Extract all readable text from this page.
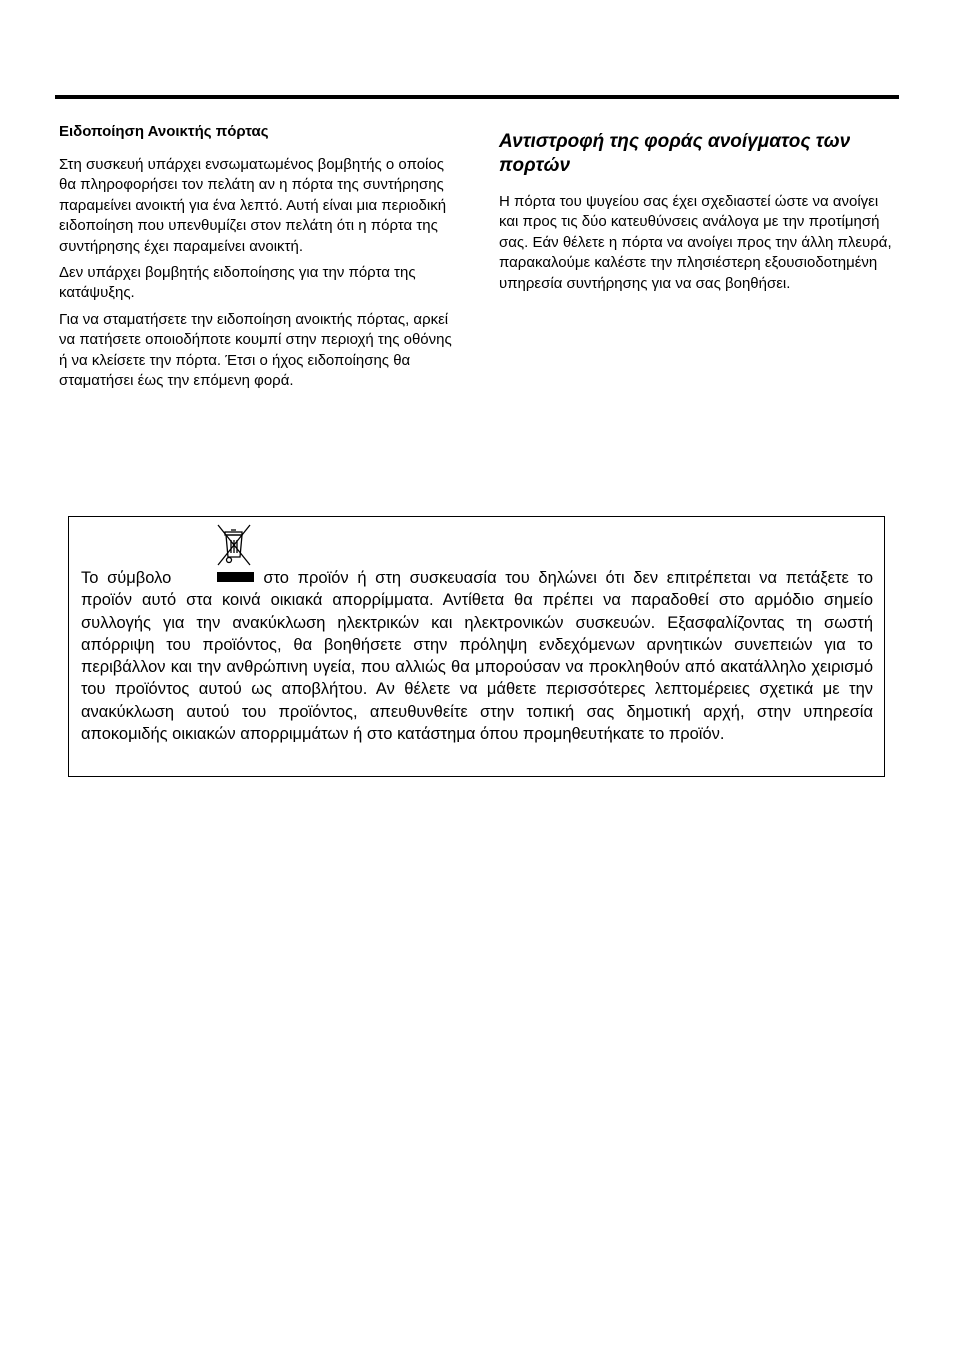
Ειδοποίηση Ανοικτής πόρτας

Στη συσκευή υπάρχει ενσωματωμένος βομβητής ο οποίος θα πληροφορήσει τον πελάτη αν η πόρτα της συντήρησης παραμείνει ανοικτή για ένα λεπτό. Αυτή είναι μια περιοδική ειδοποίηση που υπενθυμίζει στον πελάτη ότι η πόρτα της συντήρησης έχει παραμείνει ανοικτή.

Δεν υπάρχει βομβητής ειδοποίησης για την πόρτα της κατάψυξης.

Για να σταματήσετε την ειδοποίηση ανοικτής πόρτας, αρκεί να πατήσετε οποιοδήποτε κουμπί στην περιοχή της οθόνης ή να κλείσετε την πόρτα. Έτσι ο ήχος ειδοποίησης θα σταματήσει έως την επόμενη φορά.

Αντιστροφή της φοράς ανοίγματος των πορτών

Η πόρτα του ψυγείου σας έχει σχεδιαστεί ώστε να ανοίγει και προς τις δύο κατευθύνσεις ανάλογα με την προτίμησή σας. Εάν θέλετε η πόρτα να ανοίγει προς την άλλη πλευρά, παρακαλούμε καλέστε την πλησιέστερη εξουσιοδοτημένη υπηρεσία συντήρησης για να σας βοηθήσει.

Το σύμβολο	στο προϊόν ή στη συσκευασία του δηλώνει ότι δεν επιτρέπεται να πετάξετε το προϊόν αυτό στα κοινά οικιακά απορρίμματα. Αντίθετα θα πρέπει να παραδοθεί στο αρμόδιο σημείο συλλογής για την ανακύκλωση ηλεκτρικών και ηλεκτρονικών συσκευών. Εξασφαλίζοντας τη σωστή απόρριψη του προϊόντος, θα βοηθήσετε στην πρόληψη ενδεχόμενων αρνητικών συνεπειών για το περιβάλλον και την ανθρώπινη υγεία, που αλλιώς θα μπορούσαν να προκληθούν από ακατάλληλο χειρισμό του προϊόντος αυτού ως αποβλήτου. Αν θέλετε να μάθετε περισσότερες λεπτομέρειες σχετικά με την ανακύκλωση αυτού του προϊόντος, απευθυνθείτε στην τοπική σας δημοτική αρχή, στην υπηρεσία αποκομιδής οικιακών απορριμμάτων ή στο κατάστημα όπου προμηθευτήκατε το προϊόν.
